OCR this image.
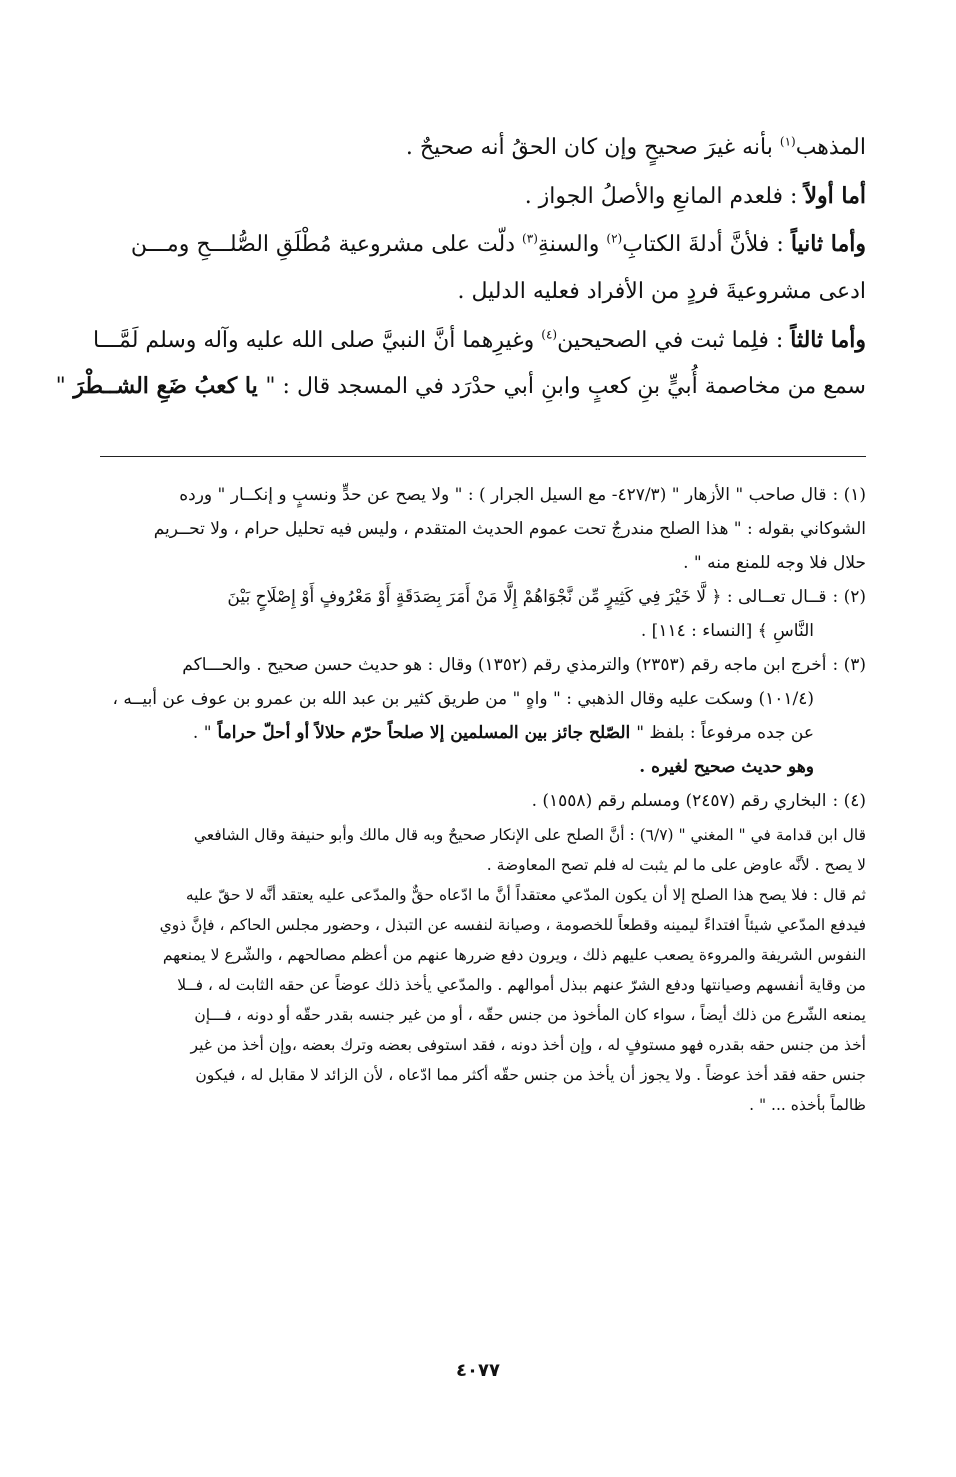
المذهب$^{(١)}$ بأنه غيرَ صحيحٍ وإن كان الحقُ أنه صحيحٌ .
أما أولاً : فلعدم المانعِ والأصلُ الجواز .
وأما ثانياً : فلأنَّ أدلةَ الكتابِ$^{(٢)}$ والسنةِ$^{(٣)}$ دلّت على مشروعية مُطْلَقِ الصُّلـــحِ ومـــن
ادعى مشروعيةَ فردٍ من الأفراد فعليه الدليل .
وأما ثالثاً : فلِما ثبت في الصحيحين$^{(٤)}$ وغيرِهما أنَّ النبيَّ صلى الله عليه وآله وسلم لَمَّـــا
سمع من مخاصمة أُبيٍّ بنِ كعبٍ وابنِ أبي حدْرَد في المسجد قال : " يا كعبُ ضَعِ الشــطْرَ "
(١) :قال صاحب " الأزهار " (٤٢٧/٣- مع السيل الجرار ) : " ولا يصح عن حدٍّ ونسبٍ و إنكــار " ورده
الشوكاني بقوله : " هذا الصلح مندرجٌ تحت عموم الحديث المتقدم ، وليس فيه تحليل حرام ، ولا تحــريم
حلال فلا وجه للمنع منه " .
(٢) :قــال تعــالى : ﴿ لَّا خَيْرَ فِي كَثِيرٍ مِّن نَّجْوَاهُمْ إِلَّا مَنْ أَمَرَ بِصَدَقَةٍ أَوْ مَعْرُوفٍ أَوْ إِصْلَاحٍ بَيْنَ
النَّاسِ ﴾ [النساء : ١١٤] .
(٣) :أخرج ابن ماجه رقم (٢٣٥٣) والترمذي رقم (١٣٥٢) وقال : هو حديث حسن صحيح . والحـــاكم
(١٠١/٤) وسكت عليه وقال الذهبي : " واهٍ " من طريق كثير بن عبد الله بن عمرو بن عوف عن أبيــه ،
عن جده مرفوعاً : بلفظ " الصّلح جائز بين المسلمين إلا صلحاً حرّم حلالاً أو أحلّ حراماً " .
وهو حديث صحيح لغيره .
(٤) :البخاري رقم (٢٤٥٧) ومسلم رقم (١٥٥٨) .
قال ابن قدامة في " المغني " (٦/٧) : أنَّ الصلح على الإنكار صحيحٌ وبه قال مالك وأبو حنيفة وقال الشافعي
لا يصح . لأنَّه عاوض على ما لم يثبت له فلم تصح المعاوضة .
ثم قال : فلا يصح هذا الصلح إلا أن يكون المدّعي معتقداً أنَّ ما ادّعاه حقٌّ والمدّعى عليه يعتقد أنَّه لا حقّ عليه
فيدفع المدّعي شيئاً افتداءً ليمينه وقطعاً للخصومة ، وصيانة لنفسه عن التبذل ، وحضور مجلس الحاكم ، فإنَّ ذوي
النفوس الشريفة والمروءة يصعب عليهم ذلك ، ويرون دفع ضررها عنهم من أعظم مصالحهم ، والشّرع لا يمنعهم
من وقاية أنفسهم وصيانتها ودفع الشرّ عنهم ببذل أموالهم . والمدّعي يأخذ ذلك عوضاً عن حقه الثابت له ، فــلا
يمنعه الشّرع من ذلك أيضاً ، سواء كان المأخوذ من جنس حقّه ، أو من غير جنسه بقدر حقّه أو دونه ، فـــإن
أخذ من جنس حقه بقدره فهو مستوفٍ له ، وإن أخذ دونه ، فقد استوفى بعضه وترك بعضه ،وإن أخذ من غير
جنس حقه فقد أخذ عوضاً . ولا يجوز أن يأخذ من جنس حقّه أكثر مما ادّعاه ، لأن الزائد لا مقابل له ، فيكون
ظالماً بأخذه ... " .
٤٠٧٧
